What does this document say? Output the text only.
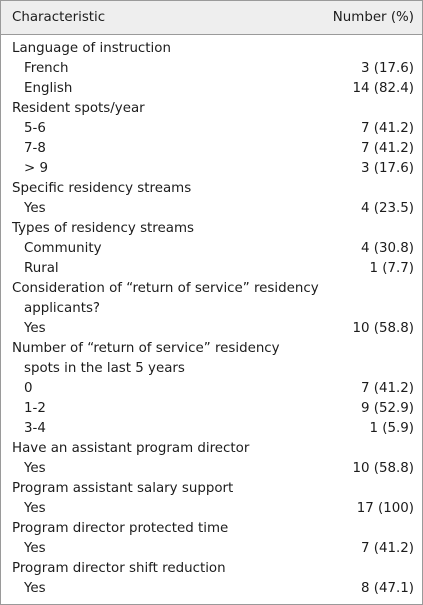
Characteristic	Number (%)
Language of instruction
French	3 (17.6)
English	14 (82.4)
Resident spots/year
5-6	7 (41.2)
7-8	7 (41.2)
> 9	3 (17.6)
Specific residency streams
Yes	4 (23.5)
Types of residency streams
Community	4 (30.8)
Rural	1 (7.7)
Consideration of “return of service” residency
applicants?
Yes	10 (58.8)
Number of “return of service” residency
spots in the last 5 years
0	7 (41.2)
1-2	9 (52.9)
3-4	1 (5.9)
Have an assistant program director
Yes	10 (58.8)
Program assistant salary support
Yes	17 (100)
Program director protected time
Yes	7 (41.2)
Program director shift reduction
Yes	8 (47.1)
